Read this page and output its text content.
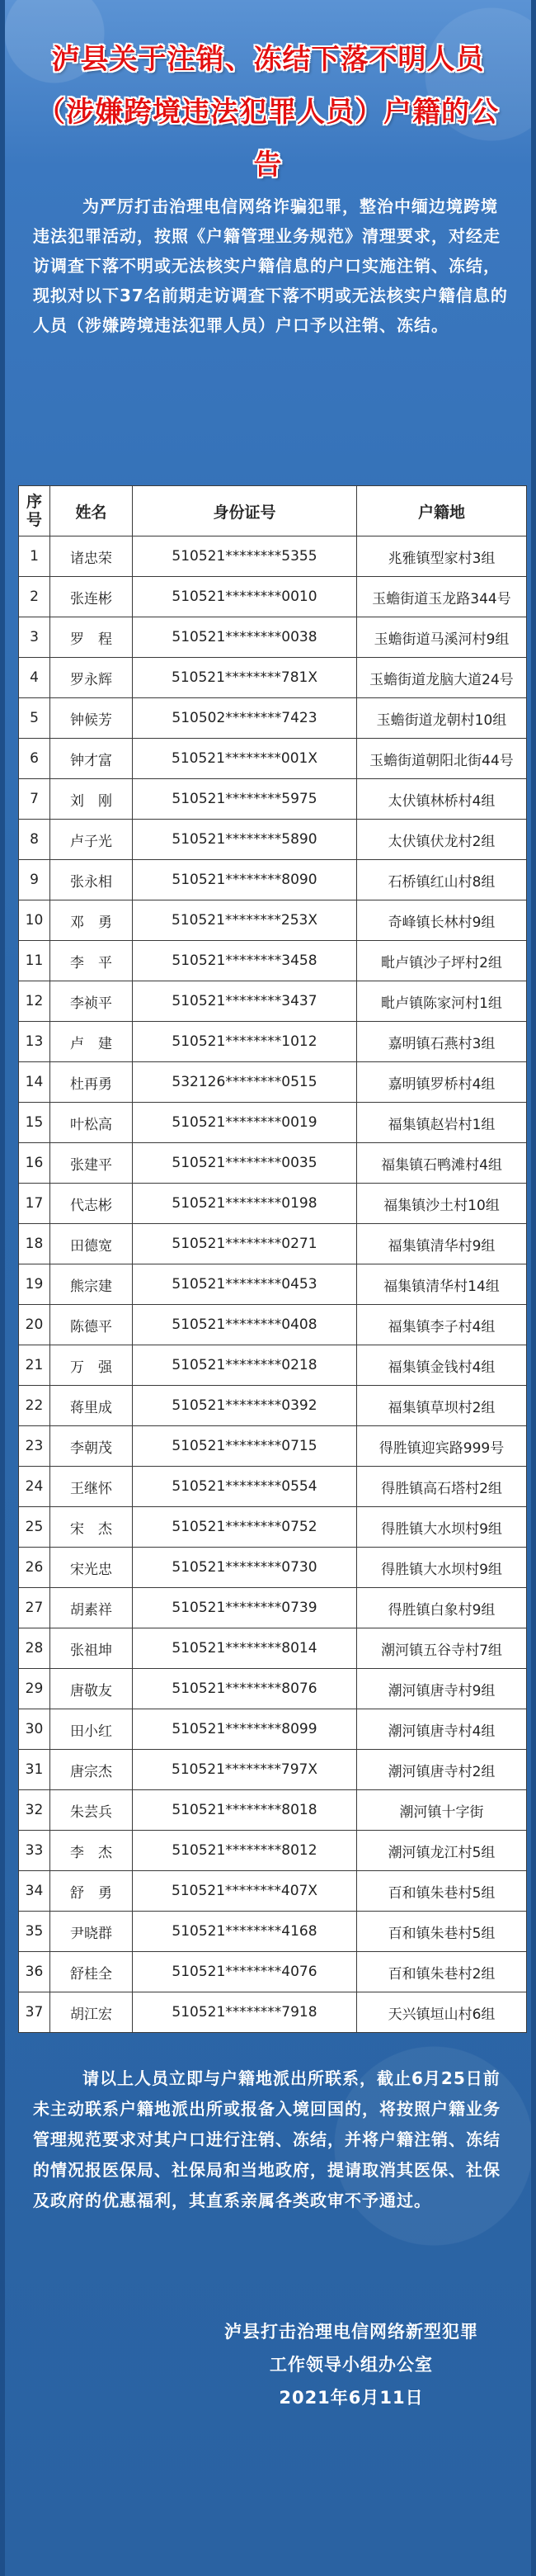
泸县关于注销、冻结下落不明人员
（涉嫌跨境违法犯罪人员）户籍的公告

为严厉打击治理电信网络诈骗犯罪，整治中缅边境跨境违法犯罪活动，按照《户籍管理业务规范》清理要求，对经走访调查下落不明或无法核实户籍信息的户口实施注销、冻结，现拟对以下37名前期走访调查下落不明或无法核实户籍信息的人员（涉嫌跨境违法犯罪人员）户口予以注销、冻结。

序号	姓名	身份证号	户籍地
1	诸忠荣	510521********5355	兆雅镇型家村3组
2	张连彬	510521********0010	玉蟾街道玉龙路344号
3	罗　程	510521********0038	玉蟾街道马溪河村9组
4	罗永辉	510521********781X	玉蟾街道龙脑大道24号
5	钟候芳	510502********7423	玉蟾街道龙朝村10组
6	钟才富	510521********001X	玉蟾街道朝阳北街44号
7	刘　刚	510521********5975	太伏镇林桥村4组
8	卢子光	510521********5890	太伏镇伏龙村2组
9	张永相	510521********8090	石桥镇红山村8组
10	邓　勇	510521********253X	奇峰镇长林村9组
11	李　平	510521********3458	毗卢镇沙子坪村2组
12	李祯平	510521********3437	毗卢镇陈家河村1组
13	卢　建	510521********1012	嘉明镇石燕村3组
14	杜再勇	532126********0515	嘉明镇罗桥村4组
15	叶松高	510521********0019	福集镇赵岩村1组
16	张建平	510521********0035	福集镇石鸭滩村4组
17	代志彬	510521********0198	福集镇沙土村10组
18	田德宽	510521********0271	福集镇清华村9组
19	熊宗建	510521********0453	福集镇清华村14组
20	陈德平	510521********0408	福集镇李子村4组
21	万　强	510521********0218	福集镇金钱村4组
22	蒋里成	510521********0392	福集镇草坝村2组
23	李朝茂	510521********0715	得胜镇迎宾路999号
24	王继怀	510521********0554	得胜镇高石塔村2组
25	宋　杰	510521********0752	得胜镇大水坝村9组
26	宋光忠	510521********0730	得胜镇大水坝村9组
27	胡素祥	510521********0739	得胜镇白象村9组
28	张祖坤	510521********8014	潮河镇五谷寺村7组
29	唐敬友	510521********8076	潮河镇唐寺村9组
30	田小红	510521********8099	潮河镇唐寺村4组
31	唐宗杰	510521********797X	潮河镇唐寺村2组
32	朱芸兵	510521********8018	潮河镇十字街
33	李　杰	510521********8012	潮河镇龙江村5组
34	舒　勇	510521********407X	百和镇朱巷村5组
35	尹晓群	510521********4168	百和镇朱巷村5组
36	舒桂全	510521********4076	百和镇朱巷村2组
37	胡江宏	510521********7918	天兴镇垣山村6组

请以上人员立即与户籍地派出所联系，截止6月25日前未主动联系户籍地派出所或报备入境回国的，将按照户籍业务管理规范要求对其户口进行注销、冻结，并将户籍注销、冻结的情况报医保局、社保局和当地政府，提请取消其医保、社保及政府的优惠福利，其直系亲属各类政审不予通过。

泸县打击治理电信网络新型犯罪
工作领导小组办公室
2021年6月11日
